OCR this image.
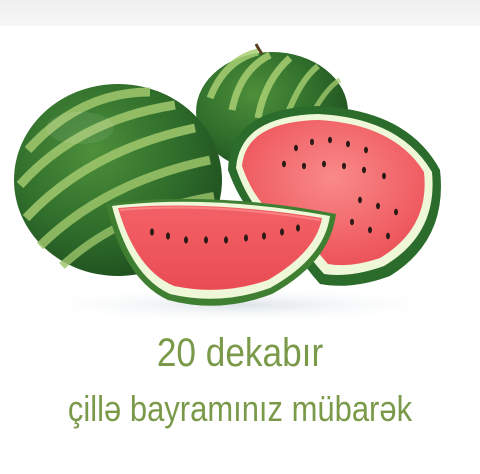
20 dekabır
çillə bayramınız mübarək
